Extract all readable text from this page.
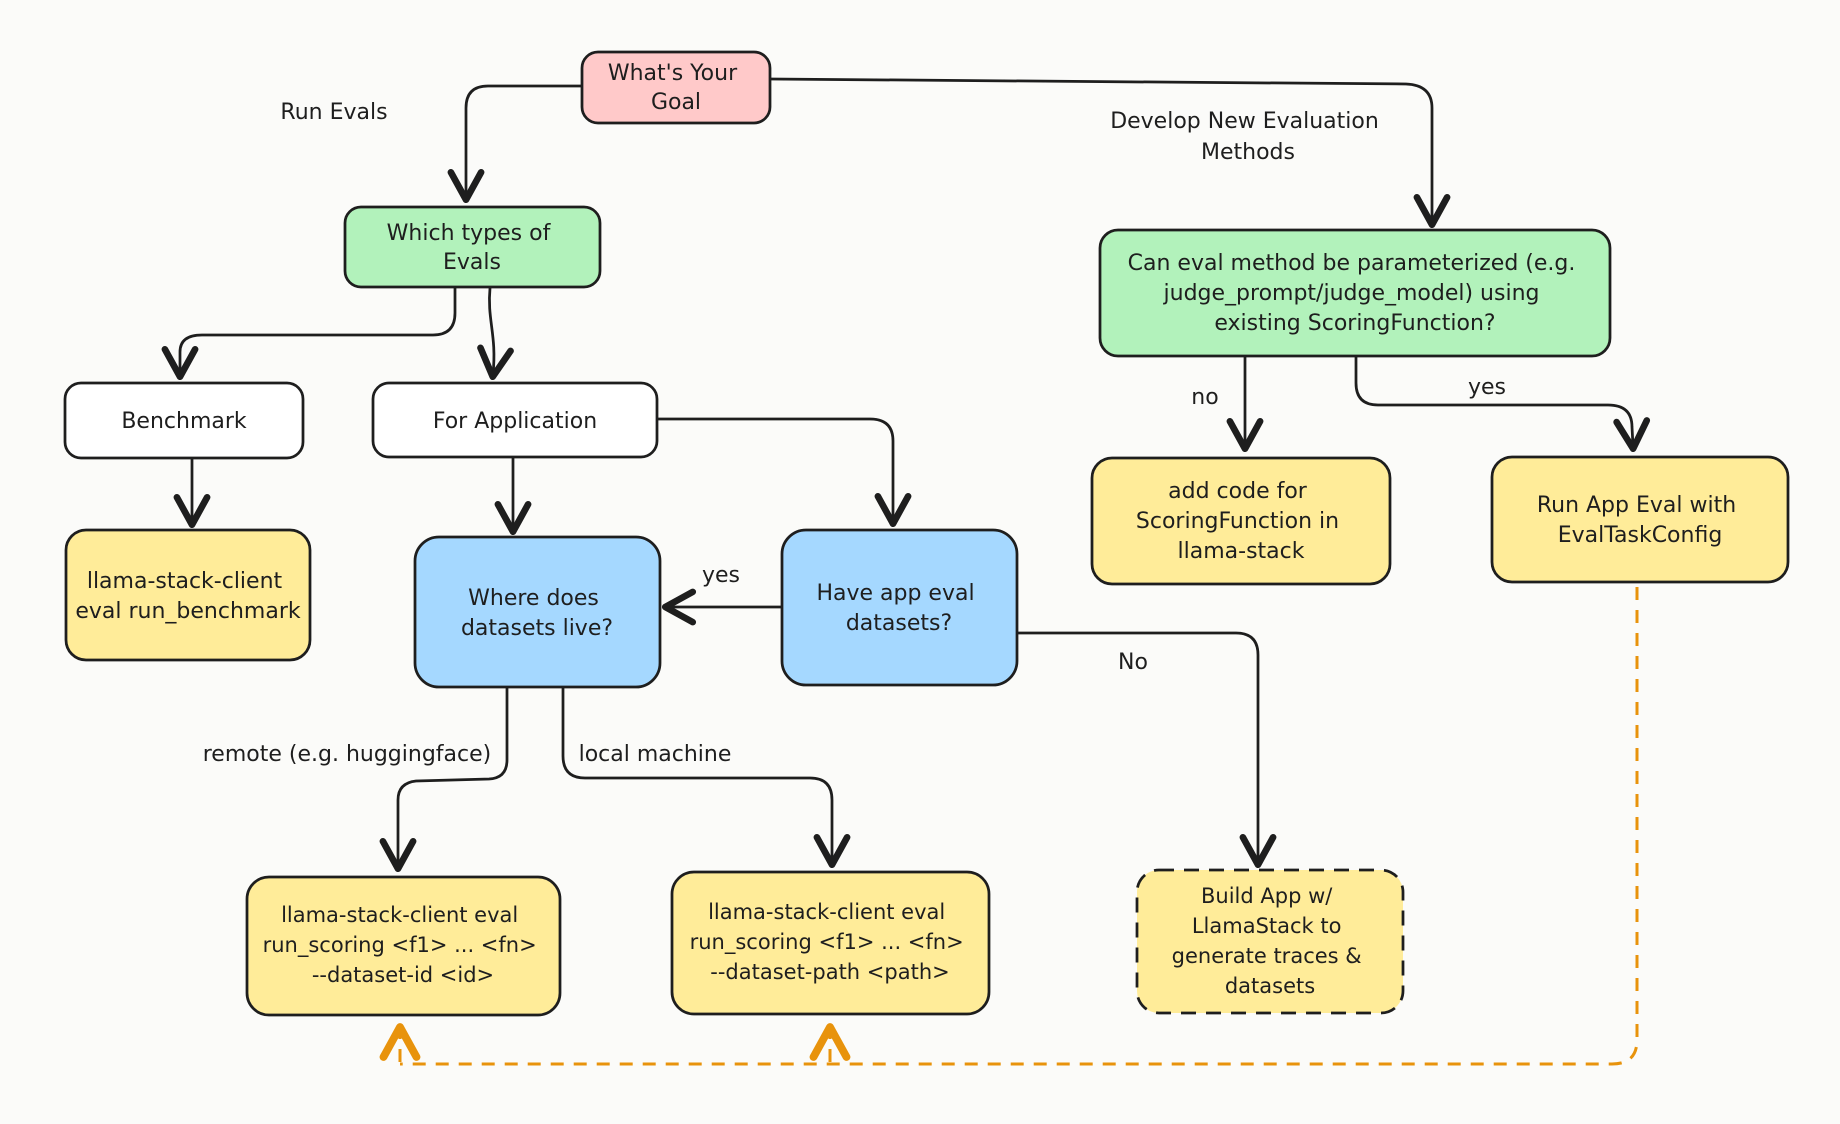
What's Your Goal
Which types of Evals	Can eval method be parameterized (e.g. judge_prompt/judge_model) using existing ScoringFunction?
Benchmark	For Application
llama-stack-client eval run_benchmark
Where does datasets live?
Have app eval datasets?
add code for ScoringFunction in llama-stack
Run App Eval with EvalTaskConfig
llama-stack-client eval run_scoring <f1> ... <fn> --dataset-id <id>
llama-stack-client eval run_scoring <f1> ... <fn> --dataset-path <path>
Build App w/ LlamaStack to generate traces & datasets
Run Evals	Develop New Evaluation Methods
no	yes
yes
No
remote (e.g. huggingface)	local machine
